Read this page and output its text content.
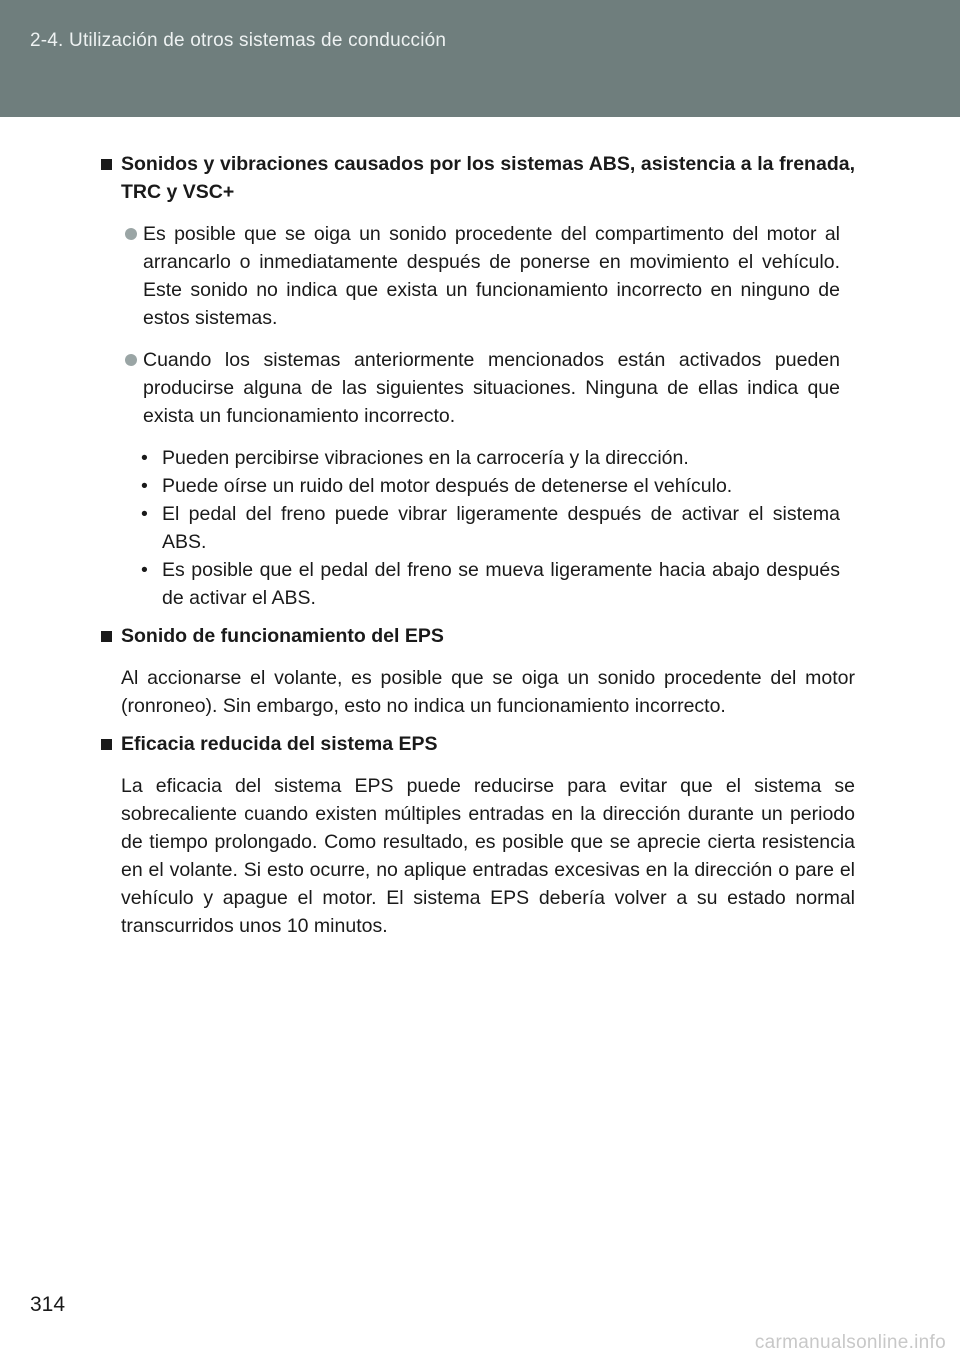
2-4. Utilización de otros sistemas de conducción
Sonidos y vibraciones causados por los sistemas ABS, asistencia a la frenada, TRC y VSC+
Es posible que se oiga un sonido procedente del compartimento del motor al arrancarlo o inmediatamente después de ponerse en movimiento el vehículo. Este sonido no indica que exista un funcionamiento incorrecto en ninguno de estos sistemas.
Cuando los sistemas anteriormente mencionados están activados pueden producirse alguna de las siguientes situaciones. Ninguna de ellas indica que exista un funcionamiento incorrecto.
• Pueden percibirse vibraciones en la carrocería y la dirección.
• Puede oírse un ruido del motor después de detenerse el vehículo.
• El pedal del freno puede vibrar ligeramente después de activar el sistema ABS.
• Es posible que el pedal del freno se mueva ligeramente hacia abajo después de activar el ABS.
Sonido de funcionamiento del EPS
Al accionarse el volante, es posible que se oiga un sonido procedente del motor (ronroneo). Sin embargo, esto no indica un funcionamiento incorrecto.
Eficacia reducida del sistema EPS
La eficacia del sistema EPS puede reducirse para evitar que el sistema se sobrecaliente cuando existen múltiples entradas en la dirección durante un periodo de tiempo prolongado. Como resultado, es posible que se aprecie cierta resistencia en el volante. Si esto ocurre, no aplique entradas excesivas en la dirección o pare el vehículo y apague el motor. El sistema EPS debería volver a su estado normal transcurridos unos 10 minutos.
314
carmanualsonline.info
